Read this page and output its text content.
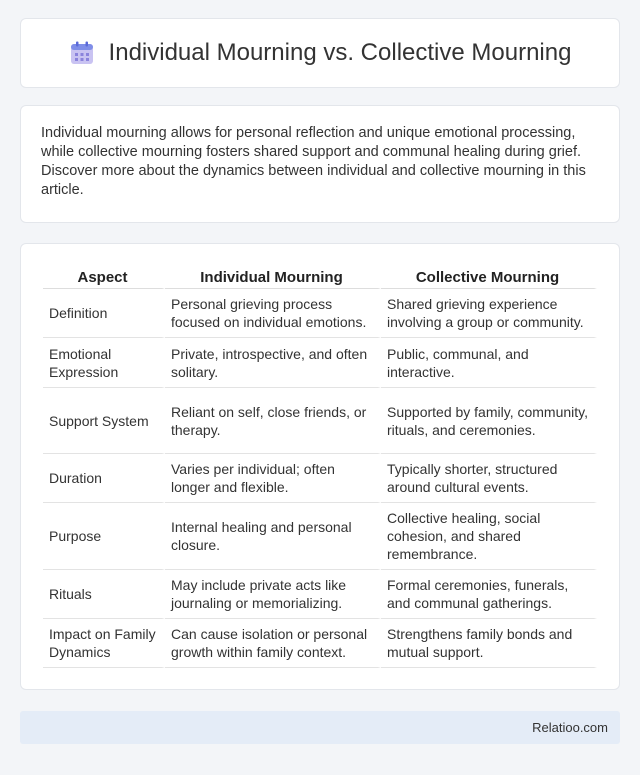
Individual Mourning vs. Collective Mourning

Individual mourning allows for personal reflection and unique emotional processing, while collective mourning fosters shared support and communal healing during grief. Discover more about the dynamics between individual and collective mourning in this article.

Aspect	Individual Mourning	Collective Mourning
Definition	Personal grieving process focused on individual emotions.	Shared grieving experience involving a group or community.
Emotional Expression	Private, introspective, and often solitary.	Public, communal, and interactive.
Support System	Reliant on self, close friends, or therapy.	Supported by family, community, rituals, and ceremonies.
Duration	Varies per individual; often longer and flexible.	Typically shorter, structured around cultural events.
Purpose	Internal healing and personal closure.	Collective healing, social cohesion, and shared remembrance.
Rituals	May include private acts like journaling or memorializing.	Formal ceremonies, funerals, and communal gatherings.
Impact on Family Dynamics	Can cause isolation or personal growth within family context.	Strengthens family bonds and mutual support.
Relatioo.com
